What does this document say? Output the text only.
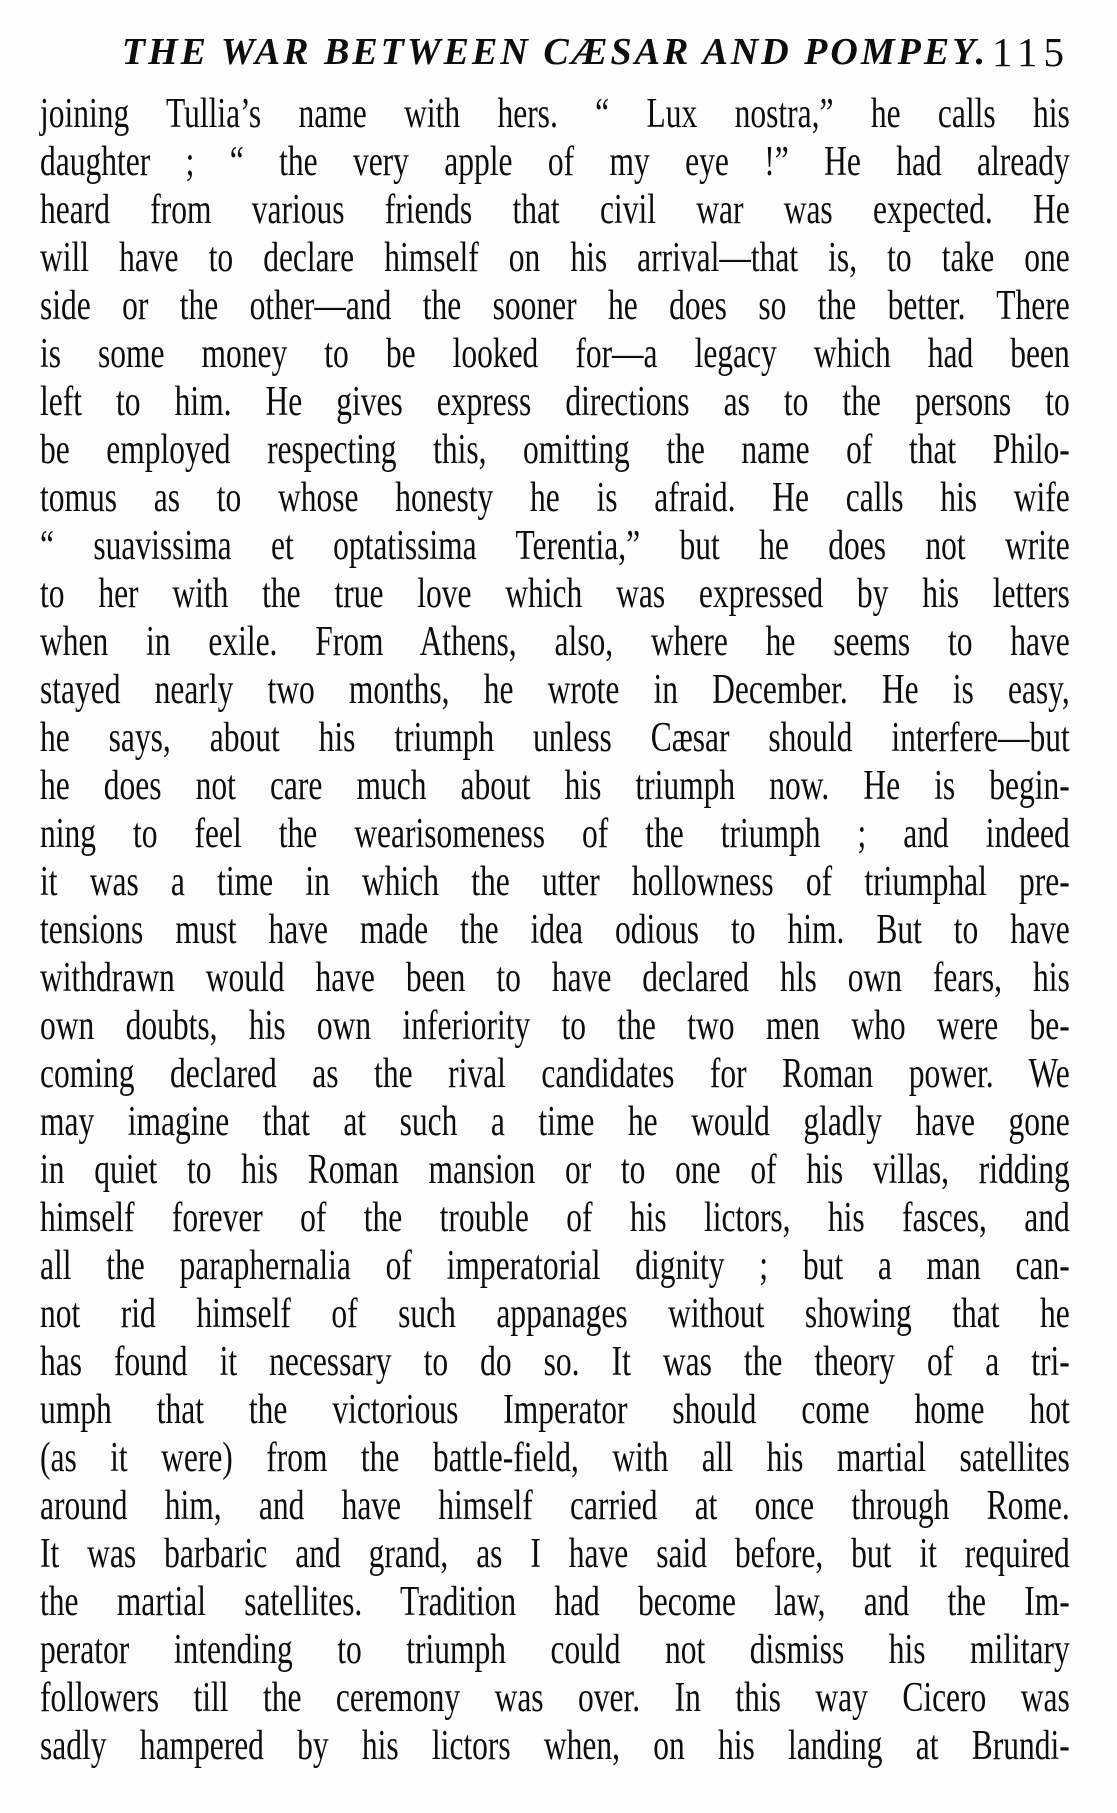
THE WAR BETWEEN CÆSAR AND POMPEY. 115
joining Tullia’s name with hers. “ Lux nostra,” he calls his
daughter ; “ the very apple of my eye !” He had already
heard from various friends that civil war was expected. He
will have to declare himself on his arrival—that is, to take one
side or the other—and the sooner he does so the better. There
is some money to be looked for—a legacy which had been
left to him. He gives express directions as to the persons to
be employed respecting this, omitting the name of that Philo-
tomus as to whose honesty he is afraid. He calls his wife
“ suavissima et optatissima Terentia,” but he does not write
to her with the true love which was expressed by his letters
when in exile. From Athens, also, where he seems to have
stayed nearly two months, he wrote in December. He is easy,
he says, about his triumph unless Cæsar should interfere—but
he does not care much about his triumph now. He is begin-
ning to feel the wearisomeness of the triumph ; and indeed
it was a time in which the utter hollowness of triumphal pre-
tensions must have made the idea odious to him. But to have
withdrawn would have been to have declared hls own fears, his
own doubts, his own inferiority to the two men who were be-
coming declared as the rival candidates for Roman power. We
may imagine that at such a time he would gladly have gone
in quiet to his Roman mansion or to one of his villas, ridding
himself forever of the trouble of his lictors, his fasces, and
all the paraphernalia of imperatorial dignity ; but a man can-
not rid himself of such appanages without showing that he
has found it necessary to do so. It was the theory of a tri-
umph that the victorious Imperator should come home hot
(as it were) from the battle-field, with all his martial satellites
around him, and have himself carried at once through Rome.
It was barbaric and grand, as I have said before, but it required
the martial satellites. Tradition had become law, and the Im-
perator intending to triumph could not dismiss his military
followers till the ceremony was over. In this way Cicero was
sadly hampered by his lictors when, on his landing at Brundi-
